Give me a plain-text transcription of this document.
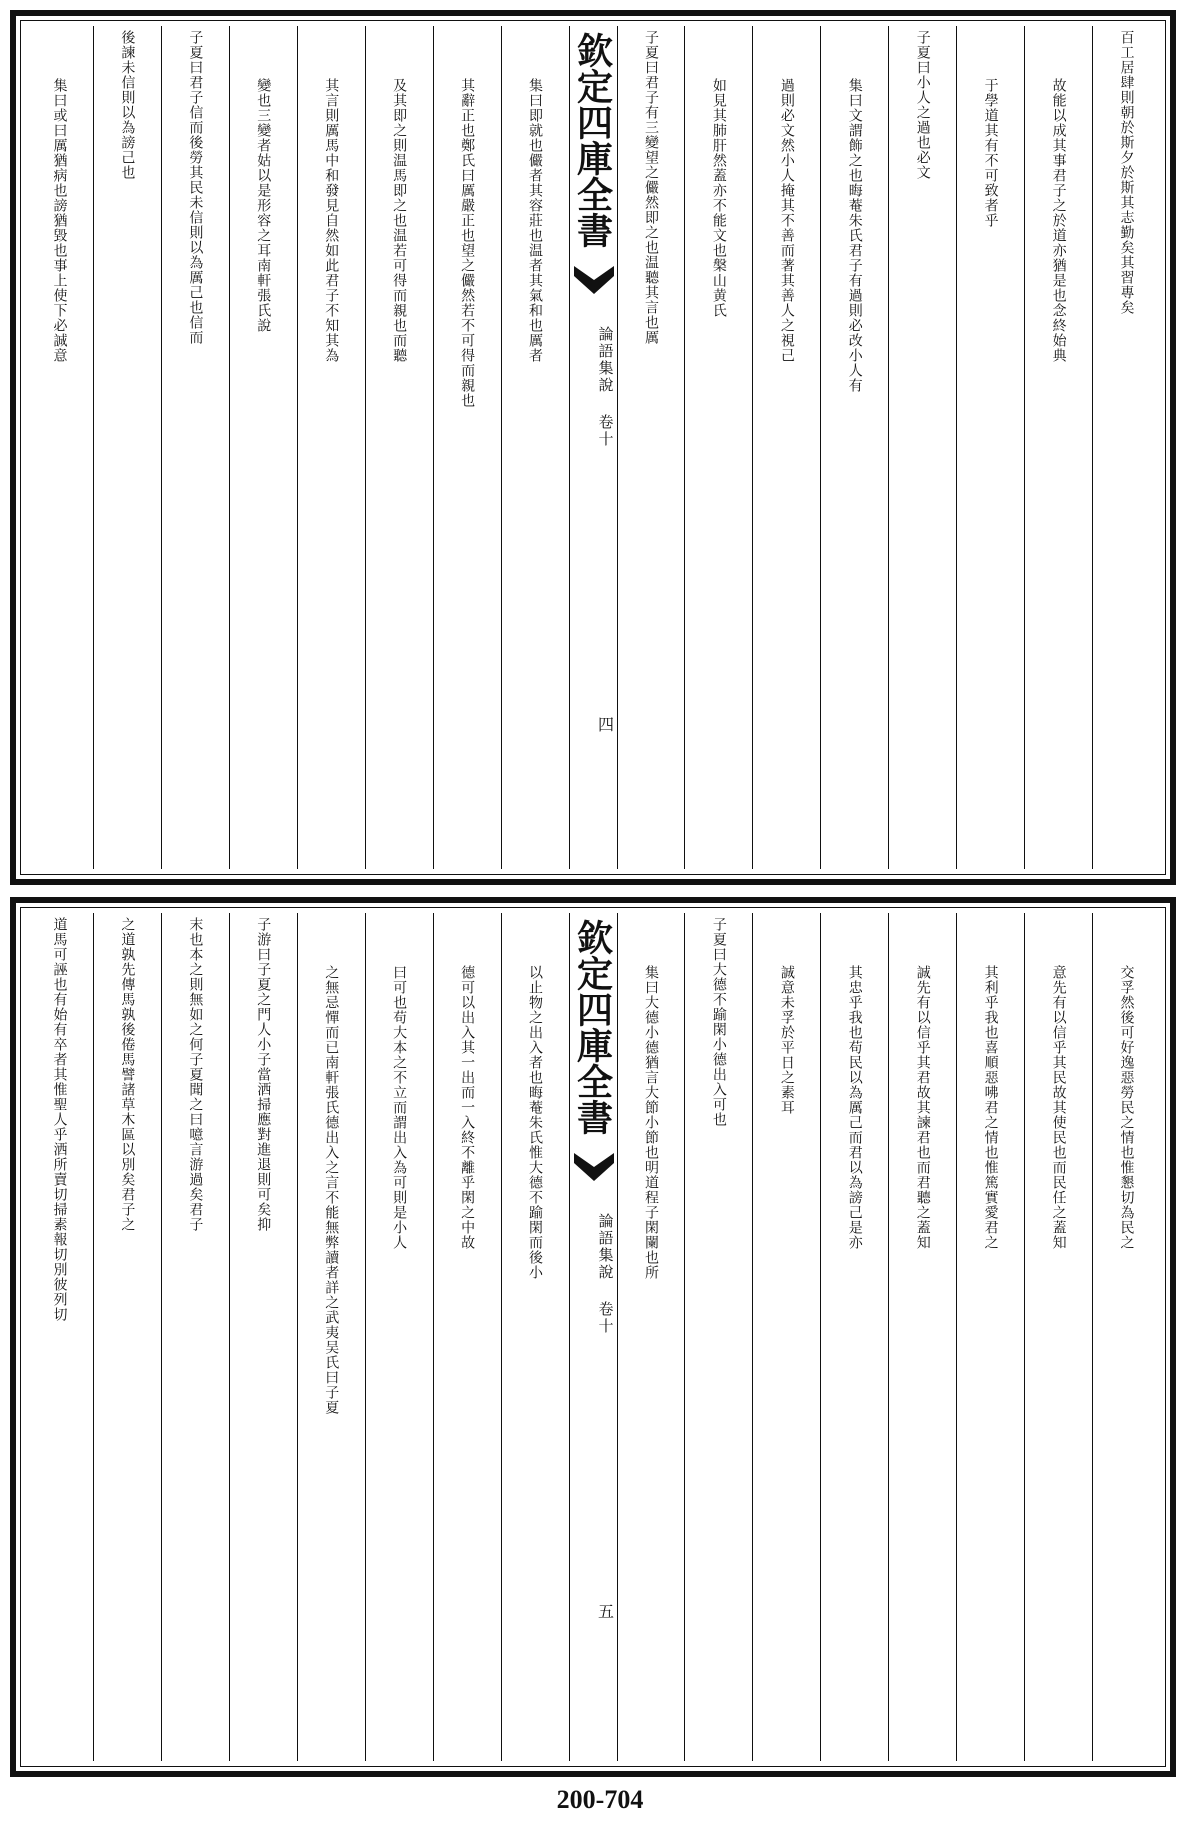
百工居肆則朝於斯夕於斯其志勤矣其習專矣
故能以成其事君子之於道亦猶是也念終始典
于學道其有不可致者乎
子夏曰小人之過也必文
集曰文謂飾之也晦菴朱氏君子有過則必改小人有
過則必文然小人掩其不善而著其善人之視己
如見其肺肝然蓋亦不能文也槃山黄氏
子夏曰君子有三變望之儼然即之也温聽其言也厲
欽定四庫全書
論語集說 卷十
四
集曰即就也儼者其容莊也温者其氣和也厲者
其辭正也鄭氏曰厲嚴正也望之儼然若不可得而親也
及其即之則温馬即之也温若可得而親也而聽
其言則厲馬中和發見自然如此君子不知其為
變也三變者姑以是形容之耳南軒張氏說
子夏曰君子信而後勞其民未信則以為厲己也信而
後諫未信則以為謗己也
集曰或曰厲猶病也謗猶毀也事上使下必誠意
交孚然後可好逸惡勞民之情也惟懇切為民之
意先有以信乎其民故其使民也而民任之蓋知
其利乎我也喜順惡咈君之情也惟篤實愛君之
誠先有以信乎其君故其諫君也而君聽之蓋知
其忠乎我也苟民以為厲己而君以為謗己是亦
誠意未孚於平日之素耳
子夏曰大德不踰閑小德出入可也
集曰大德小德猶言大節小節也明道程子閑闌也所
欽定四庫全書
論語集說 卷十
五
以止物之出入者也晦菴朱氏惟大德不踰閑而後小
德可以出入其一出而一入終不離乎閑之中故
曰可也苟大本之不立而謂出入為可則是小人
之無忌憚而已南軒張氏德出入之言不能無弊讀者詳之武夷吴氏曰子夏
子游曰子夏之門人小子當洒掃應對進退則可矣抑
末也本之則無如之何子夏聞之曰噫言游過矣君子
之道孰先傳馬孰後倦馬譬諸草木區以別矣君子之
道馬可誣也有始有卒者其惟聖人乎洒所賣切掃素報切別彼列切
200-704
